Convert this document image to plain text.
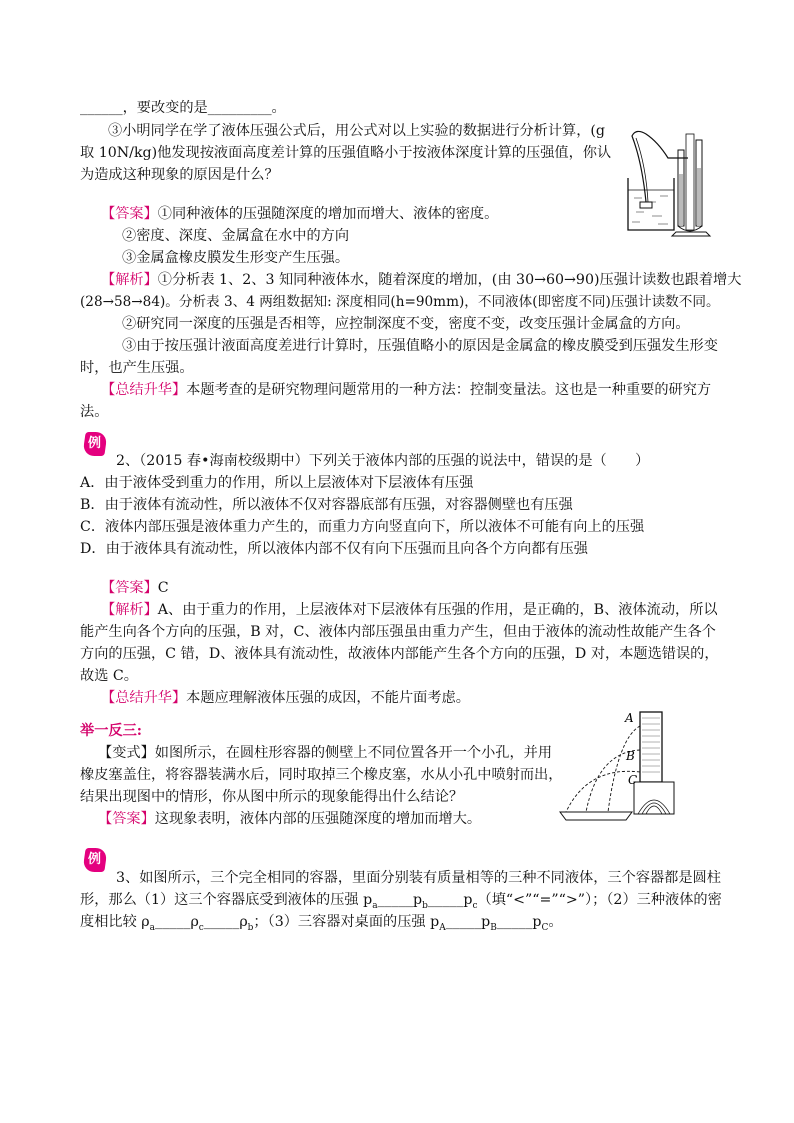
______，要改变的是_________。
③小明同学在学了液体压强公式后，用公式对以上实验的数据进行分析计算，(g
取 10N/kg)他发现按液面高度差计算的压强值略小于按液体深度计算的压强值，你认
为造成这种现象的原因是什么？
【答案】①同种液体的压强随深度的增加而增大、液体的密度。
②密度、深度、金属盒在水中的方向
③金属盒橡皮膜发生形变产生压强。
【解析】①分析表 1、2、3 知同种液体水，随着深度的增加，(由 30→60→90)压强计读数也跟着增大
(28→58→84)。分析表 3、4 两组数据知: 深度相同(h=90mm)，不同液体(即密度不同)压强计读数不同。
②研究同一深度的压强是否相等，应控制深度不变，密度不变，改变压强计金属盒的方向。
③由于按压强计液面高度差进行计算时，压强值略小的原因是金属盒的橡皮膜受到压强发生形变
时，也产生压强。
【总结升华】本题考查的是研究物理问题常用的一种方法：控制变量法。这也是一种重要的研究方
法。
例
2、（2015 春•海南校级期中）下列关于液体内部的压强的说法中，错误的是（　　）
A．由于液体受到重力的作用，所以上层液体对下层液体有压强
B．由于液体有流动性，所以液体不仅对容器底部有压强，对容器侧壁也有压强
C．液体内部压强是液体重力产生的，而重力方向竖直向下，所以液体不可能有向上的压强
D．由于液体具有流动性，所以液体内部不仅有向下压强而且向各个方向都有压强
【答案】C
【解析】A、由于重力的作用，上层液体对下层液体有压强的作用，是正确的，B、液体流动，所以
能产生向各个方向的压强，B 对，C、液体内部压强虽由重力产生，但由于液体的流动性故能产生各个
方向的压强，C 错，D、液体具有流动性，故液体内部能产生各个方向的压强，D 对，本题选错误的，
故选 C。
【总结升华】本题应理解液体压强的成因，不能片面考虑。
举一反三:
【变式】如图所示，在圆柱形容器的侧壁上不同位置各开一个小孔，并用
橡皮塞盖住，将容器装满水后，同时取掉三个橡皮塞，水从小孔中喷射而出，
结果出现图中的情形，你从图中所示的现象能得出什么结论？
【答案】这现象表明，液体内部的压强随深度的增加而增大。
A
B
C
例
3、如图所示，三个完全相同的容器，里面分别装有质量相等的三种不同液体，三个容器都是圆柱
形，那么（1）这三个容器底受到液体的压强 $p_a\_\_\_\_\_p_b\_\_\_\_\_p_c$（填“<”“=”“>”）；（2）三种液体的密
度相比较 $\rho_a\_\_\_\_\_\rho_c\_\_\_\_\_\rho_b$；（3）三容器对桌面的压强 $p_A\_\_\_\_\_p_B\_\_\_\_\_p_C$。
